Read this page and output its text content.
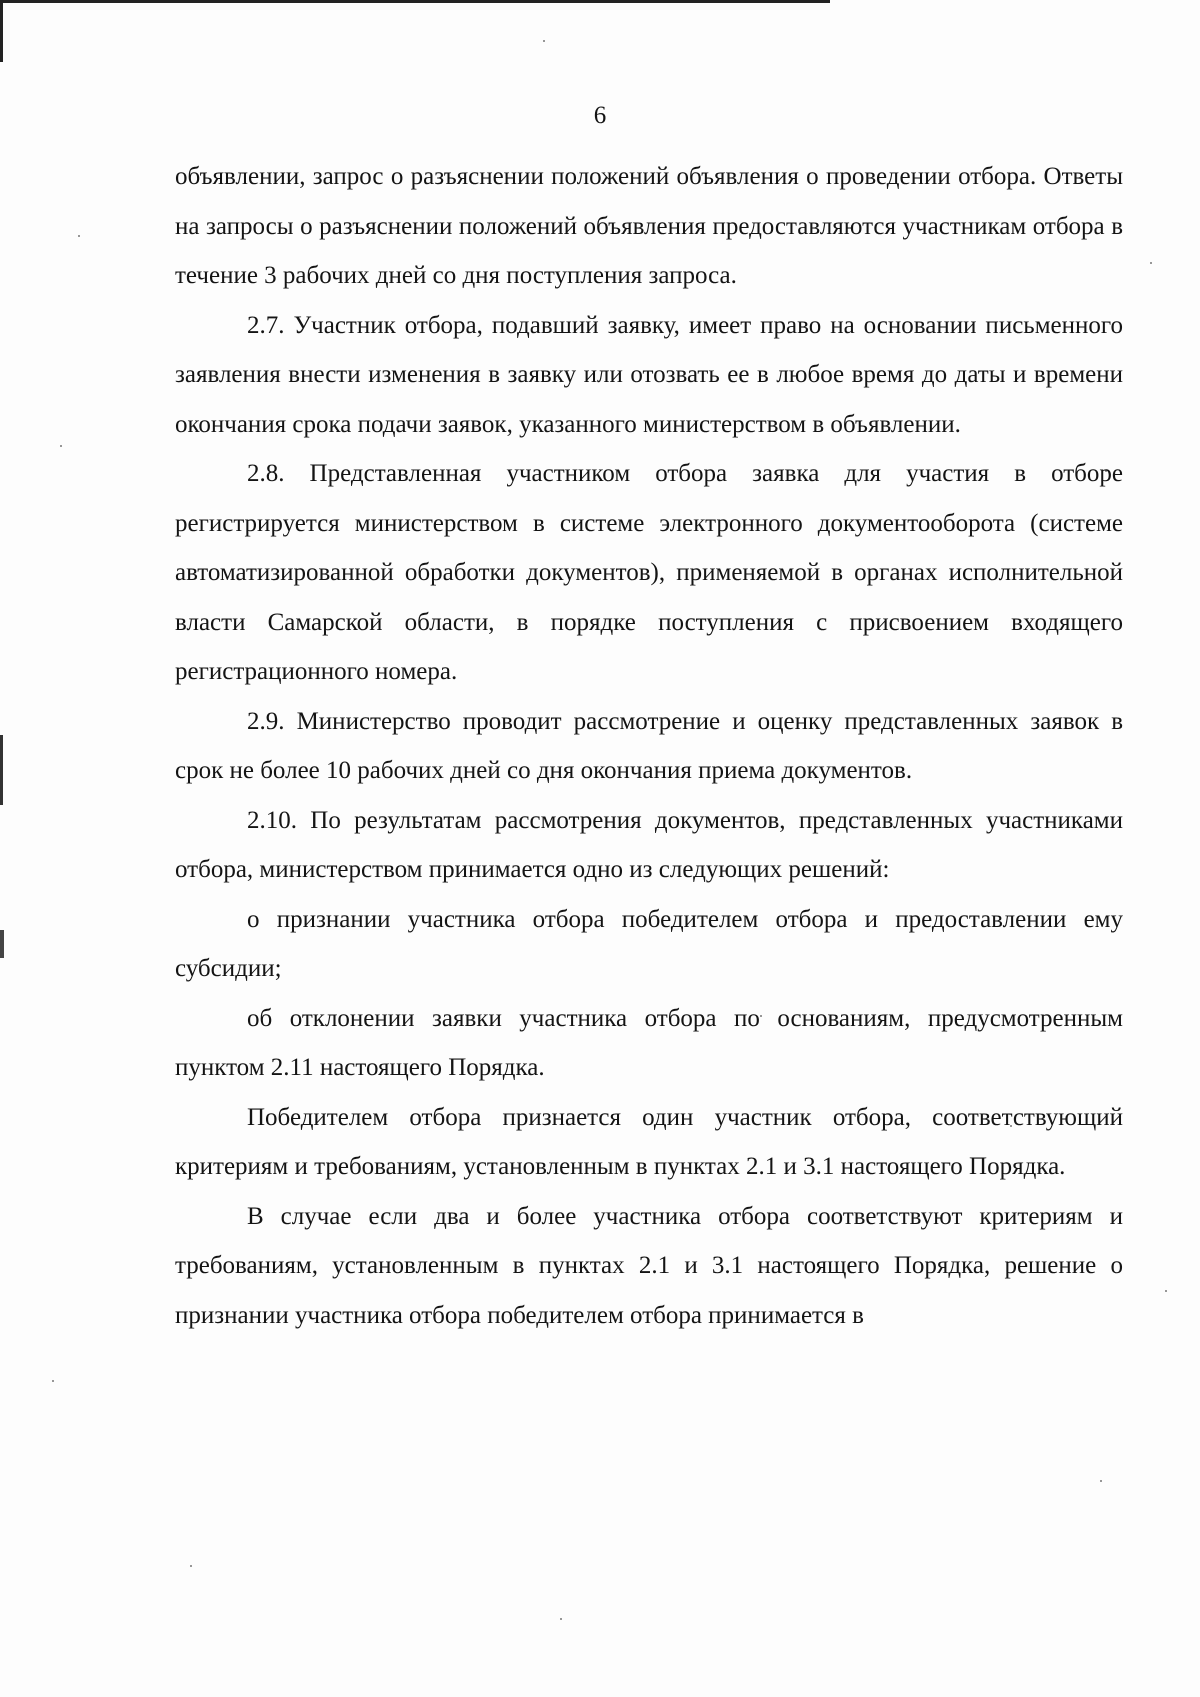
6

объявлении, запрос о разъяснении положений объявления о проведении отбора. Ответы на запросы о разъяснении положений объявления предоставляются участникам отбора в течение 3 рабочих дней со дня поступления запроса.

2.7. Участник отбора, подавший заявку, имеет право на основании письменного заявления внести изменения в заявку или отозвать ее в любое время до даты и времени окончания срока подачи заявок, указанного министерством в объявлении.

2.8. Представленная участником отбора заявка для участия в отборе регистрируется министерством в системе электронного документооборота (системе автоматизированной обработки документов), применяемой в органах исполнительной власти Самарской области, в порядке поступления с присвоением входящего регистрационного номера.

2.9. Министерство проводит рассмотрение и оценку представленных заявок в срок не более 10 рабочих дней со дня окончания приема документов.

2.10. По результатам рассмотрения документов, представленных участниками отбора, министерством принимается одно из следующих решений:

о признании участника отбора победителем отбора и предоставлении ему субсидии;

об отклонении заявки участника отбора по основаниям, предусмотренным пунктом 2.11 настоящего Порядка.

Победителем отбора признается один участник отбора, соответствующий критериям и требованиям, установленным в пунктах 2.1 и 3.1 настоящего Порядка.

В случае если два и более участника отбора соответствуют критериям и требованиям, установленным в пунктах 2.1 и 3.1 настоящего Порядка, решение о признании участника отбора победителем отбора принимается в
